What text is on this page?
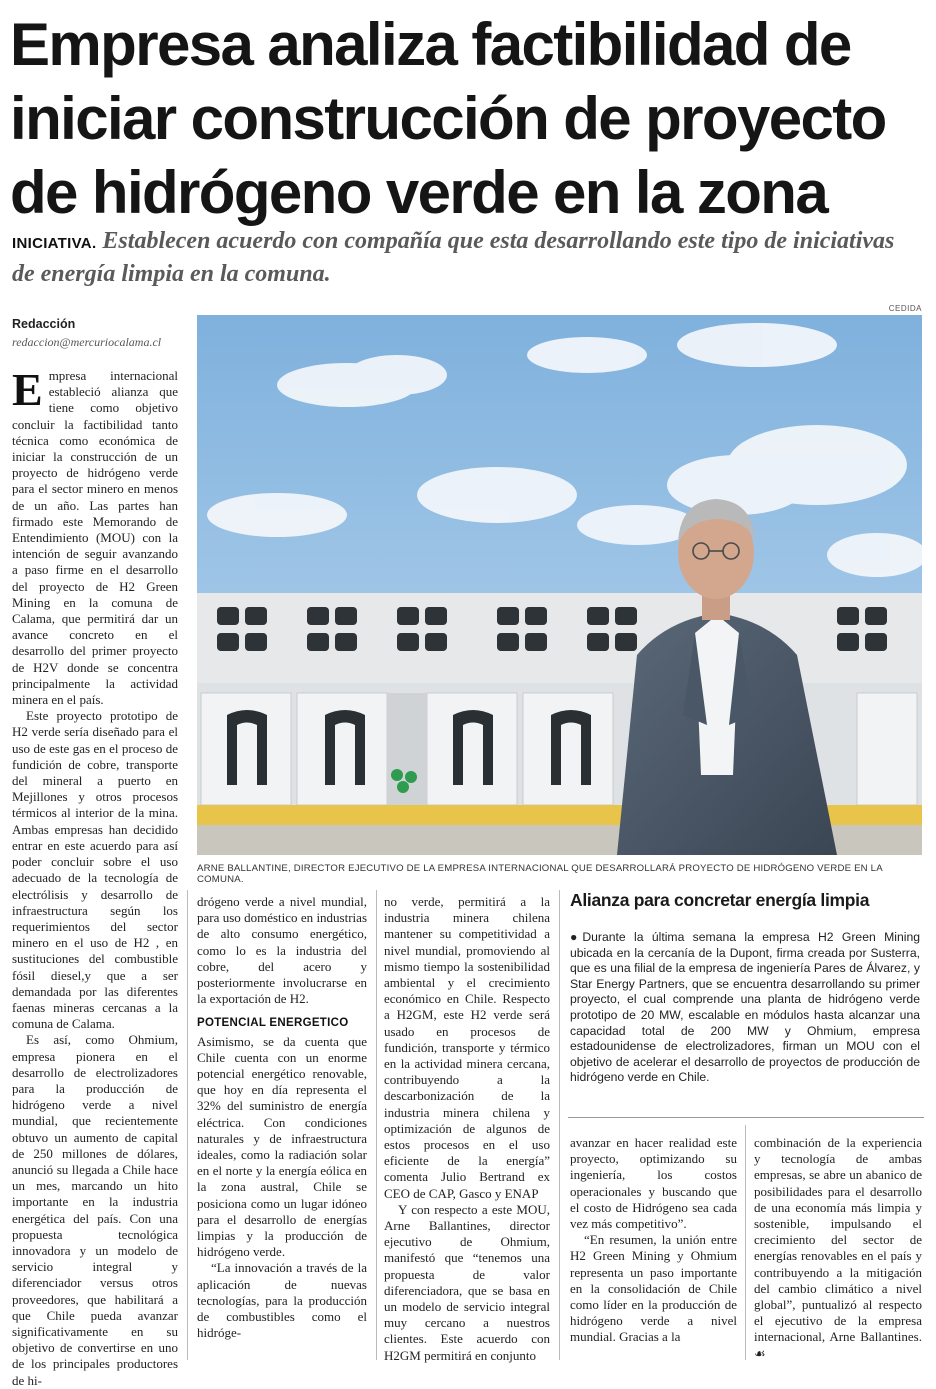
Empresa analiza factibilidad de iniciar construcción de proyecto de hidrógeno verde en la zona
INICIATIVA. Establecen acuerdo con compañía que esta desarrollando este tipo de iniciativas de energía limpia en la comuna.
Redacción
redaccion@mercuriocalama.cl
CEDIDA
ARNE BALLANTINE, DIRECTOR EJECUTIVO DE LA EMPRESA INTERNACIONAL QUE DESARROLLARÁ PROYECTO DE HIDRÓGENO VERDE EN LA COMUNA.

Empresa internacional estableció alianza que tiene como objetivo concluir la factibilidad tanto técnica como económica de iniciar la construcción de un proyecto de hidrógeno verde para el sector minero en menos de un año. Las partes han firmado este Memorando de Entendimiento (MOU) con la intención de seguir avanzando a paso firme en el desarrollo del proyecto de H2 Green Mining en la comuna de Calama, que permitirá dar un avance concreto en el desarrollo del primer proyecto de H2V donde se concentra principalmente la actividad minera en el país.

Este proyecto prototipo de H2 verde sería diseñado para el uso de este gas en el proceso de fundición de cobre, transporte del mineral a puerto en Mejillones y otros procesos térmicos al interior de la mina. Ambas empresas han decidido entrar en este acuerdo para así poder concluir sobre el uso adecuado de la tecnología de electrólisis y desarrollo de infraestructura según los requerimientos del sector minero en el uso de H2 , en sustituciones del combustible fósil diesel,y que a ser demandada por las diferentes faenas mineras cercanas a la comuna de Calama.

Es así, como Ohmium, empresa pionera en el desarrollo de electrolizadores para la producción de hidrógeno verde a nivel mundial, que recientemente obtuvo un aumento de capital de 250 millones de dólares, anunció su llegada a Chile hace un mes, marcando un hito importante en la industria energética del país. Con una propuesta tecnológica innovadora y un modelo de servicio integral y diferenciador versus otros proveedores, que habilitará a que Chile pueda avanzar significativamente en su objetivo de convertirse en uno de los principales productores de hi-

drógeno verde a nivel mundial, para uso doméstico en industrias de alto consumo energético, como lo es la industria del cobre, del acero y posteriormente involucrarse en la exportación de H2.

POTENCIAL ENERGETICO

Asimismo, se da cuenta que Chile cuenta con un enorme potencial energético renovable, que hoy en día representa el 32% del suministro de energía eléctrica. Con condiciones naturales y de infraestructura ideales, como la radiación solar en el norte y la energía eólica en la zona austral, Chile se posiciona como un lugar idóneo para el desarrollo de energías limpias y la producción de hidrógeno verde.

“La innovación a través de la aplicación de nuevas tecnologías, para la producción de combustibles como el hidróge-

no verde, permitirá a la industria minera chilena mantener su competitividad a nivel mundial, promoviendo al mismo tiempo la sostenibilidad ambiental y el crecimiento económico en Chile. Respecto a H2GM, este H2 verde será usado en procesos de fundición, transporte y térmico en la actividad minera cercana, contribuyendo a la descarbonización de la industria minera chilena y optimización de algunos de estos procesos en el uso eficiente de la energía” comenta Julio Bertrand ex CEO de CAP, Gasco y ENAP

Y con respecto a este MOU, Arne Ballantines, director ejecutivo de Ohmium, manifestó que “tenemos una propuesta de valor diferenciadora, que se basa en un modelo de servicio integral muy cercano a nuestros clientes. Este acuerdo con H2GM permitirá en conjunto

Alianza para concretar energía limpia
●Durante la última semana la empresa H2 Green Mining ubicada en la cercanía de la Dupont, firma creada por Susterra, que es una filial de la empresa de ingeniería Pares de Álvarez, y Star Energy Partners, que se encuentra desarrollando su primer proyecto, el cual comprende una planta de hidrógeno verde prototipo de 20 MW, escalable en módulos hasta alcanzar una capacidad total de 200 MW y Ohmium, empresa estadounidense de electrolizadores, firman un MOU con el objetivo de acelerar el desarrollo de proyectos de producción de hidrógeno verde en Chile.

avanzar en hacer realidad este proyecto, optimizando su ingeniería, los costos operacionales y buscando que el costo de Hidrógeno sea cada vez más competitivo”.

“En resumen, la unión entre H2 Green Mining y Ohmium representa un paso importante en la consolidación de Chile como líder en la producción de hidrógeno verde a nivel mundial. Gracias a la

combinación de la experiencia y tecnología de ambas empresas, se abre un abanico de posibilidades para el desarrollo de una economía más limpia y sostenible, impulsando el crecimiento del sector de energías renovables en el país y contribuyendo a la mitigación del cambio climático a nivel global”, puntualizó al respecto el ejecutivo de la empresa internacional, Arne Ballantines. ☙
